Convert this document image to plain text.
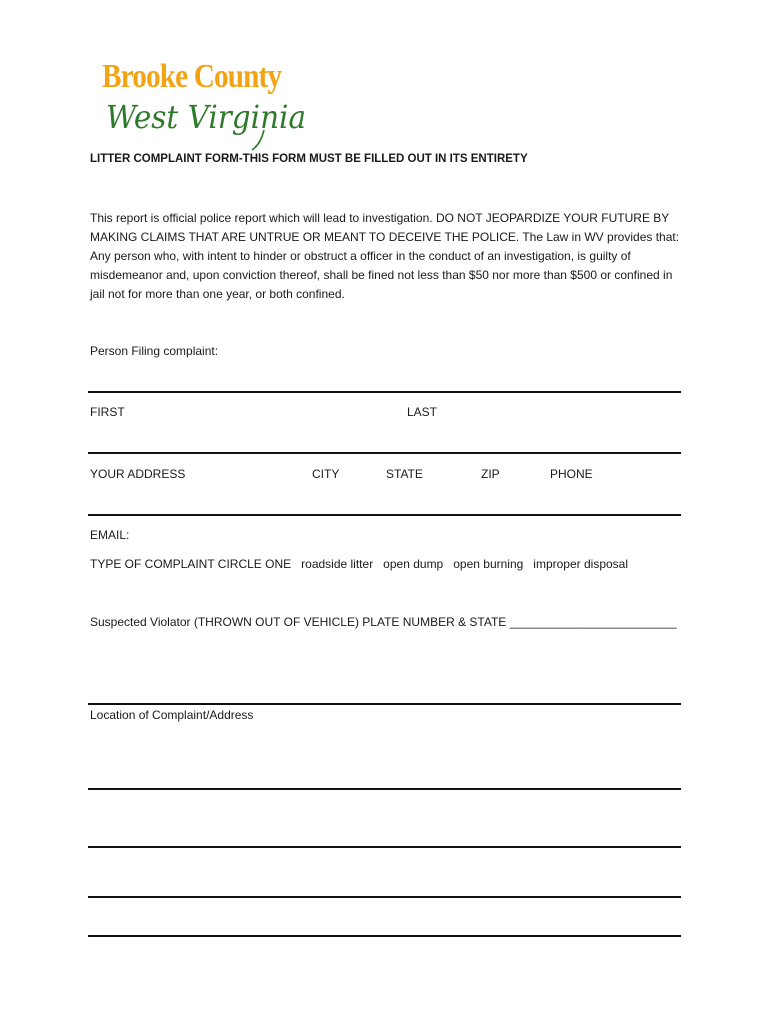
Brooke County
West Virginia
LITTER COMPLAINT FORM-THIS FORM MUST BE FILLED OUT IN ITS ENTIRETY
This report is official police report which will lead to investigation. DO NOT JEOPARDIZE YOUR FUTURE BY MAKING CLAIMS THAT ARE UNTRUE OR MEANT TO DECEIVE THE POLICE. The Law in WV provides that: Any person who, with intent to hinder or obstruct a officer in the conduct of an investigation, is guilty of misdemeanor and, upon conviction thereof, shall be fined not less than $50 nor more than $500 or confined in jail not for more than one year, or both confined.
Person Filing complaint:
FIRST	LAST
YOUR ADDRESS	CITY	STATE	ZIP	PHONE
EMAIL:
TYPE OF COMPLAINT CIRCLE ONE   roadside litter   open dump   open burning   improper disposal
Suspected Violator (THROWN OUT OF VEHICLE) PLATE NUMBER & STATE _________________________
Location of Complaint/Address
